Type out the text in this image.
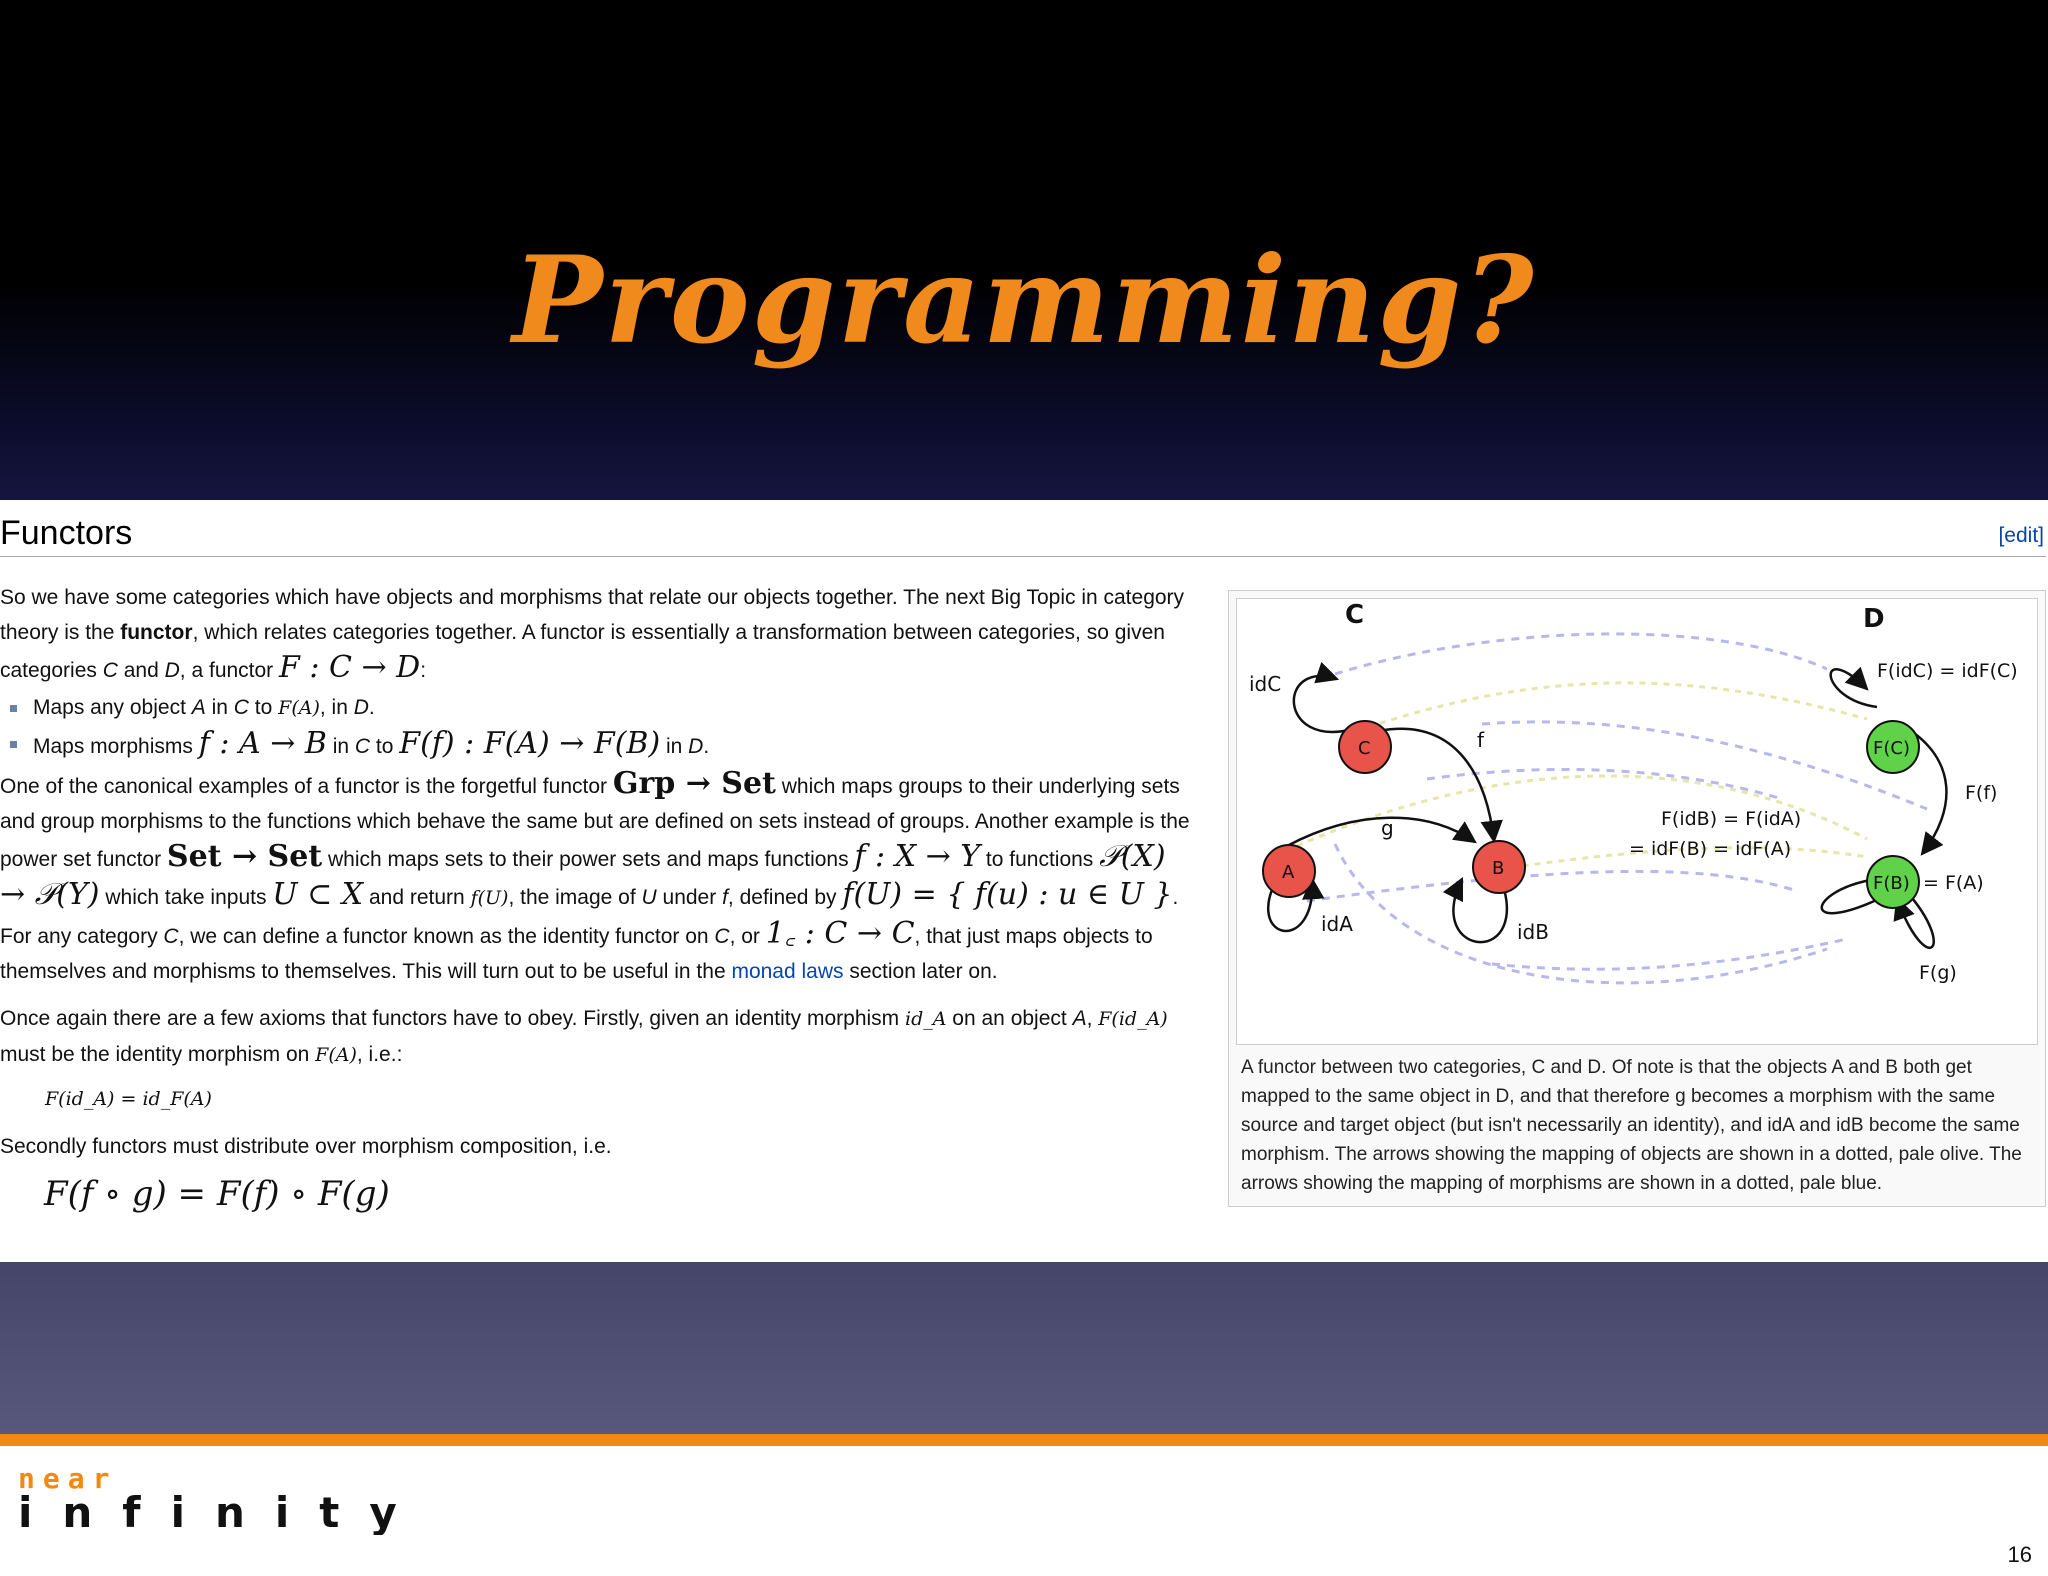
Programming?
Functors	[edit]

So we have some categories which have objects and morphisms that relate our objects together. The next Big Topic in category theory is the functor, which relates categories together. A functor is essentially a transformation between categories, so given categories C and D, a functor F : C → D:

Maps any object A in C to F(A), in D.
Maps morphisms f : A → B in C to F(f) : F(A) → F(B) in D.

One of the canonical examples of a functor is the forgetful functor Grp → Set which maps groups to their underlying sets and group morphisms to the functions which behave the same but are defined on sets instead of groups. Another example is the power set functor Set → Set which maps sets to their power sets and maps functions f : X → Y to functions 𝒫(X) → 𝒫(Y) which take inputs U ⊂ X and return f(U), the image of U under f, defined by f(U) = { f(u) : u ∈ U }. For any category C, we can define a functor known as the identity functor on C, or 1꜀ : C → C, that just maps objects to themselves and morphisms to themselves. This will turn out to be useful in the monad laws section later on.

Once again there are a few axioms that functors have to obey. Firstly, given an identity morphism id_A on an object A, F(id_A) must be the identity morphism on F(A), i.e.:

F(id_A) = id_F(A)

Secondly functors must distribute over morphism composition, i.e.

F(f ∘ g) = F(f) ∘ F(g)

C	D
C
A	B
F(C)
F(B)
idC
idA	idB
f
g
F(idC) = idF(C)
F(f)
F(idB) = F(idA)
= idF(B) = idF(A)
= F(A)
F(g)

A functor between two categories, C and D. Of note is that the objects A and B both get mapped to the same object in D, and that therefore g becomes a morphism with the same source and target object (but isn't necessarily an identity), and idA and idB become the same morphism. The arrows showing the mapping of objects are shown in a dotted, pale olive. The arrows showing the mapping of morphisms are shown in a dotted, pale blue.

near
infinity
16
